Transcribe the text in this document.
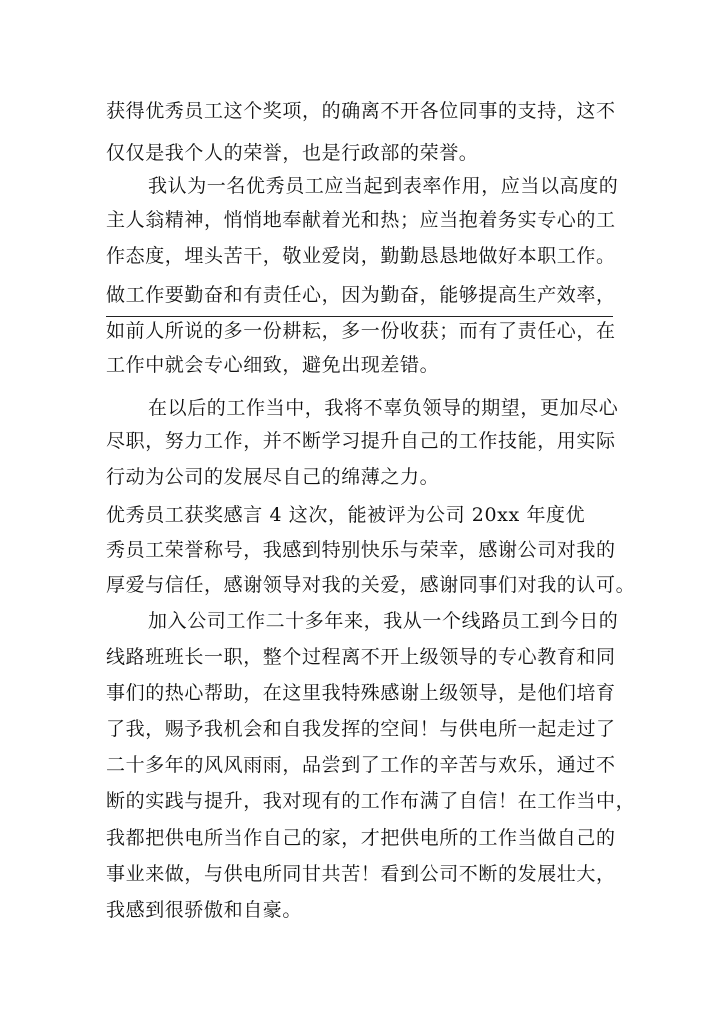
获得优秀员工这个奖项，的确离不开各位同事的支持，这不
仅仅是我个人的荣誉，也是行政部的荣誉。
我认为一名优秀员工应当起到表率作用，应当以高度的
主人翁精神，悄悄地奉献着光和热；应当抱着务实专心的工
作态度，埋头苦干，敬业爱岗，勤勤恳恳地做好本职工作。
做工作要勤奋和有责任心，因为勤奋，能够提高生产效率，
如前人所说的多一份耕耘，多一份收获；而有了责任心，在
工作中就会专心细致，避免出现差错。
在以后的工作当中，我将不辜负领导的期望，更加尽心
尽职，努力工作，并不断学习提升自己的工作技能，用实际
行动为公司的发展尽自己的绵薄之力。
优秀员工获奖感言 4 这次，能被评为公司 20xx 年度优
秀员工荣誉称号，我感到特别快乐与荣幸，感谢公司对我的
厚爱与信任，感谢领导对我的关爱，感谢同事们对我的认可。
加入公司工作二十多年来，我从一个线路员工到今日的
线路班班长一职，整个过程离不开上级领导的专心教育和同
事们的热心帮助，在这里我特殊感谢上级领导，是他们培育
了我，赐予我机会和自我发挥的空间！与供电所一起走过了
二十多年的风风雨雨，品尝到了工作的辛苦与欢乐，通过不
断的实践与提升，我对现有的工作布满了自信！在工作当中，
我都把供电所当作自己的家，才把供电所的工作当做自己的
事业来做，与供电所同甘共苦！看到公司不断的发展壮大，
我感到很骄傲和自豪。
